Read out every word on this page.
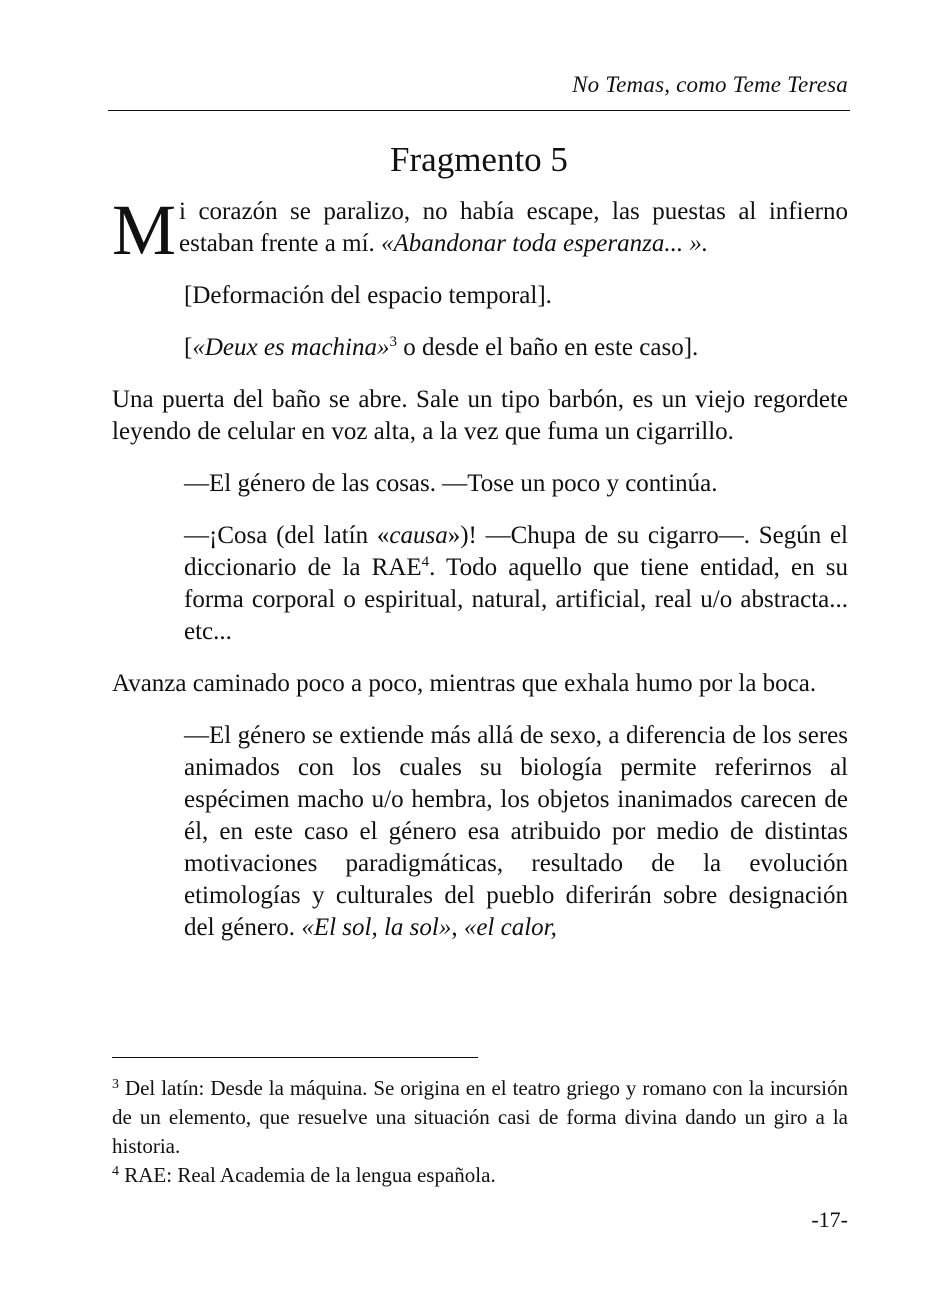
No Temas, como Teme Teresa
Fragmento 5

Mi corazón se paralizo, no había escape, las puestas al infierno estaban frente a mí. «Abandonar toda esperanza... ».

[Deformación del espacio temporal].

[«Deux es machina»$^3$ o desde el baño en este caso].

Una puerta del baño se abre. Sale un tipo barbón, es un viejo regordete leyendo de celular en voz alta, a la vez que fuma un cigarrillo.

—El género de las cosas. —Tose un poco y continúa.

—¡Cosa (del latín «causa»)! —Chupa de su cigarro—. Según el diccionario de la RAE$^4$. Todo aquello que tiene entidad, en su forma corporal o espiritual, natural, artificial, real u/o abstracta... etc...

Avanza caminado poco a poco, mientras que exhala humo por la boca.

—El género se extiende más allá de sexo, a diferencia de los seres animados con los cuales su biología permite referirnos al espécimen macho u/o hembra, los objetos inanimados carecen de él, en este caso el género esa atribuido por medio de distintas motivaciones paradigmáticas, resultado de la evolución etimologías y culturales del pueblo diferirán sobre designación del género. «El sol, la sol», «el calor,

$^3$ Del latín: Desde la máquina. Se origina en el teatro griego y romano con la incursión de un elemento, que resuelve una situación casi de forma divina dando un giro a la historia.

$^4$ RAE: Real Academia de la lengua española.

-17-
